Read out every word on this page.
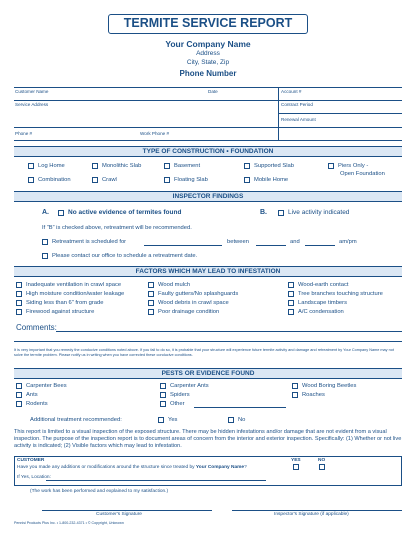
TERMITE SERVICE REPORT
Your Company Name
Address
City, State, Zip
Phone Number
Customer Name	Date	Account #
Service Address	Contract Period
Renewal Amount
Phone #	Work Phone #
TYPE OF CONSTRUCTION • FOUNDATION
Log Home	Monolithic Slab	Basement	Supported Slab	Piers Only -
Open Foundation
Combination	Crawl	Floating Slab	Mobile Home
INSPECTOR FINDINGS
A.	No active evidence of termites found	B.	Live activity indicated
If “B” is checked above, retreatment will be recommended.
Retreatment is scheduled for	between	and	am/pm
Please contact our office to schedule a retreatment date.
FACTORS WHICH MAY LEAD TO INFESTATION
Inadequate ventilation in crawl space
High moisture condition/water leakage
Siding less than 6" from grade
Firewood against structure
Wood mulch
Faulty gutters/No splashguards
Wood debris in crawl space
Poor drainage condition
Wood-earth contact
Tree branches touching structure
Landscape timbers
A/C condensation
Comments:
It is very important that you remedy the conducive conditions noted above. If you fail to do so, it is probable that your structure will experience future termite activity and damage and retreatment by Your Company Name may not solve the termite problem. Please notify us in writing when you have corrected these conducive conditions.
PESTS OR EVIDENCE FOUND
Carpenter Bees
Ants
Rodents
Carpenter Ants
Spiders
Other
Wood Boring Beetles
Roaches
Additional treatment recommended:	Yes	No
This report is limited to a visual inspection of the exposed structure. There may be hidden infestations and/or damage that are not evident from a visual inspection. The purpose of the inspection report is to document areas of concern from the interior and exterior inspection. Specifically: (1) Whether or not live activity is indicated; (2) Visible factors which may lead to infestation.
CUSTOMER	YES	NO
Have you made any additions or modifications around the structure since treated by Your Company Name?
If Yes, Location:
(The work has been performed and explained to my satisfaction.)
Customer's Signature	Inspector's Signature (if applicable)
Pennisi Products Plus Inc. • 1-800-232-4371 • © Copyright, Unknown
